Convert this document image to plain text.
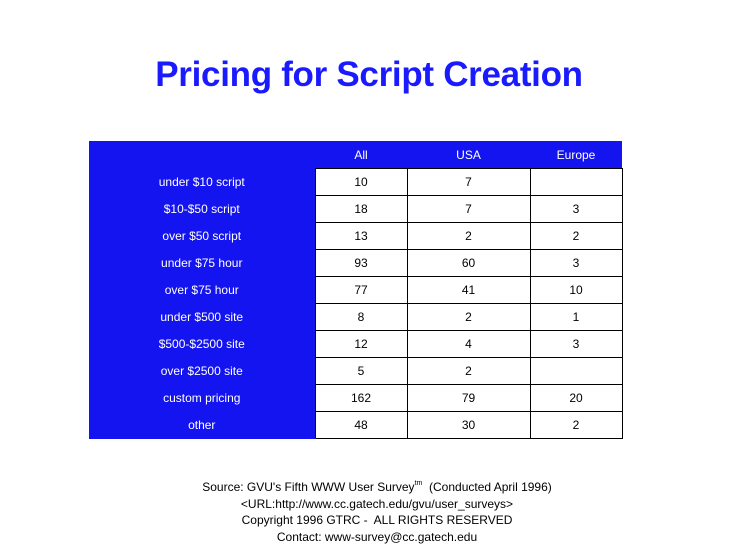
Pricing for Script Creation
	All	USA	Europe
under $10 script	10	7	
$10-$50 script	18	7	3
over $50 script	13	2	2
under $75 hour	93	60	3
over $75 hour	77	41	10
under $500 site	8	2	1
$500-$2500 site	12	4	3
over $2500 site	5	2	
custom pricing	162	79	20
other	48	30	2
Source: GVU's Fifth WWW User Survey$^{tm}$  (Conducted April 1996)
<URL:http://www.cc.gatech.edu/gvu/user_surveys>
Copyright 1996 GTRC -  ALL RIGHTS RESERVED
Contact: www-survey@cc.gatech.edu
